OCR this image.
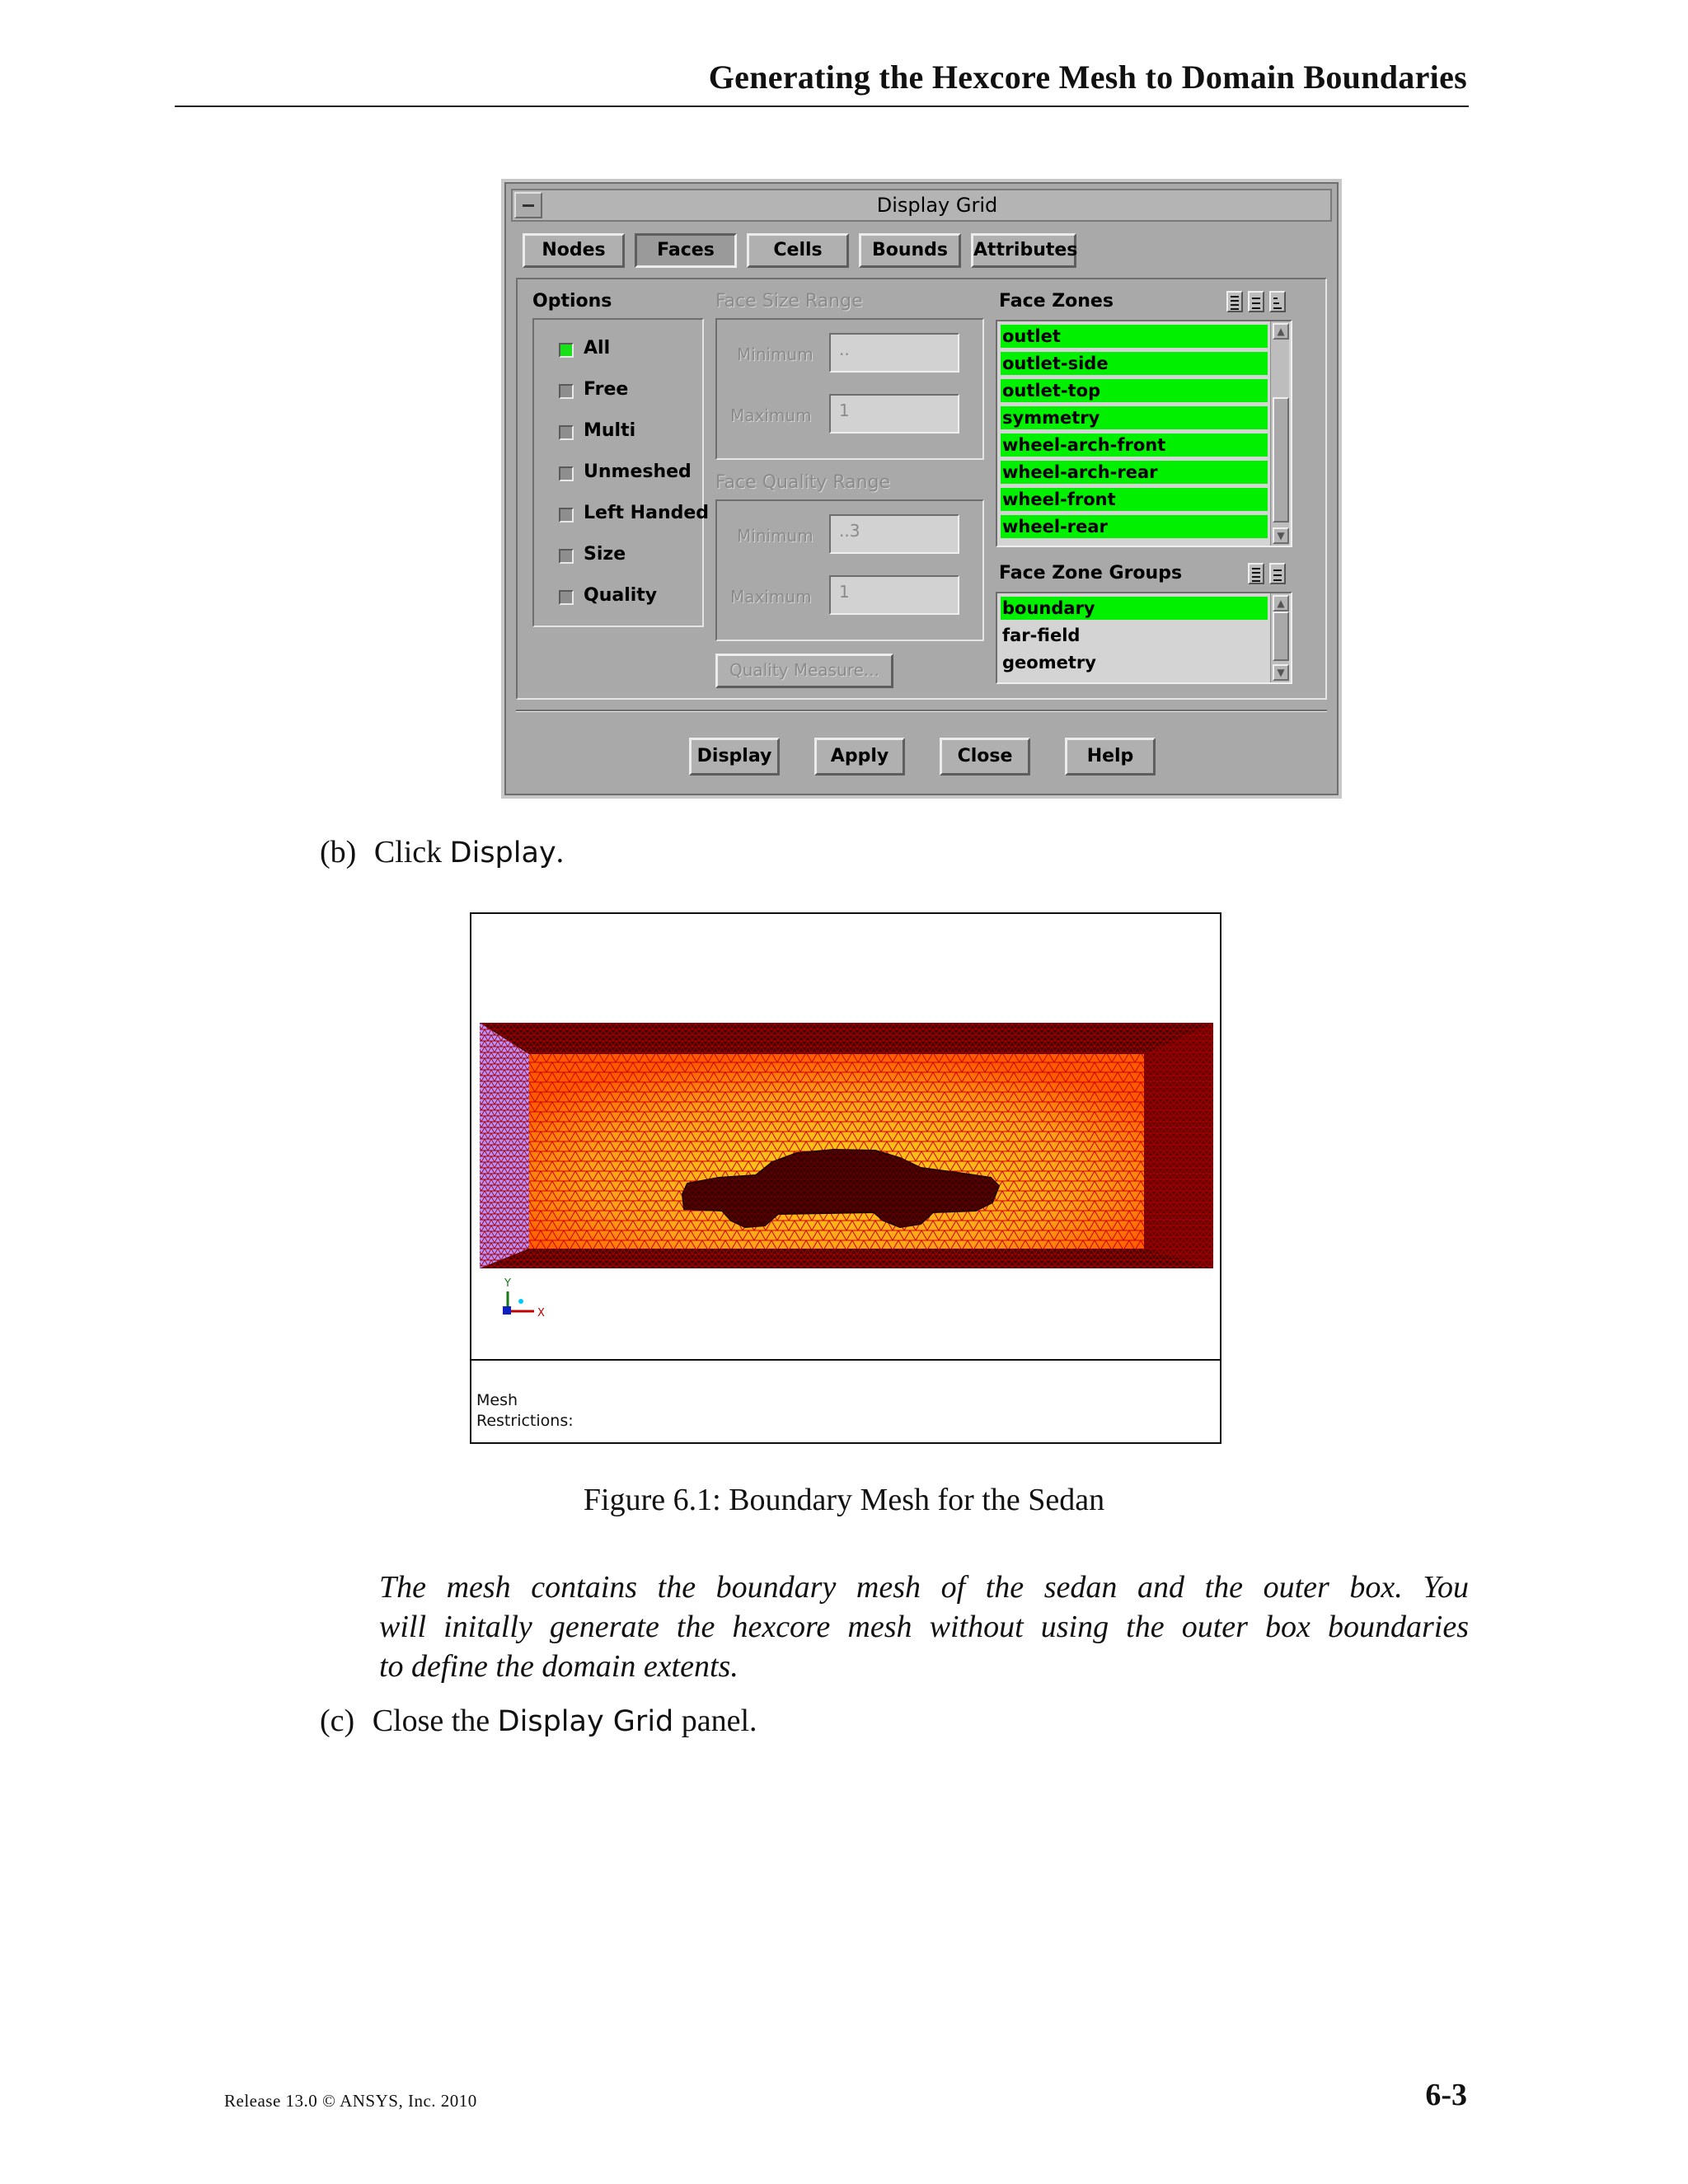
Generating the Hexcore Mesh to Domain Boundaries
Display Grid
Nodes	Faces	Cells	Bounds	Attributes
Options
All
Free
Multi
Unmeshed
Left Handed
Size
Quality
Face Size Range
Minimum	..
Maximum	1
Face Quality Range
Minimum	..3
Maximum	1
Quality Measure...
Face Zones
outlet
outlet-side
outlet-top
symmetry
wheel-arch-front
wheel-arch-rear
wheel-front
wheel-rear
▲
▼
Face Zone Groups
boundary
far-field
geometry
▲
▼
Display	Apply	Close	Help
(b) Click Display.
Y
X
Mesh
Restrictions:
Figure 6.1: Boundary Mesh for the Sedan
The mesh contains the boundary mesh of the sedan and the outer box. You
will initally generate the hexcore mesh without using the outer box boundaries
to define the domain extents.
(c) Close the Display Grid panel.
Release 13.0 © ANSYS, Inc. 2010	6-3
